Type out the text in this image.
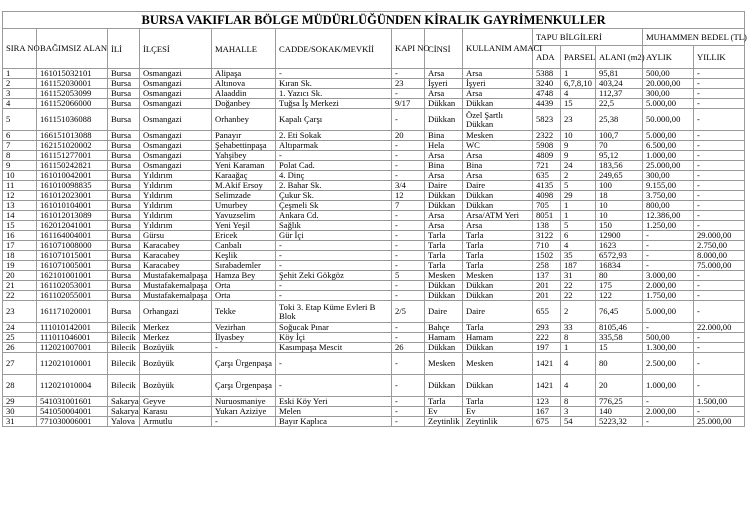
BURSA VAKIFLAR BÖLGE MÜDÜRLÜĞÜNDEN KİRALIK GAYRİMENKULLER													
SIRA NO	BAĞIMSIZ ALAN	İLİ	İLÇESİ	MAHALLE	CADDE/SOKAK/MEVKİİ	KAPI NO	CİNSİ	KULLANIM AMACI	TAPU BİLGİLERİ			MUHAMMEN BEDEL (TL)	
									ADA	PARSEL	ALANI (m2)	AYLIK	YILLIK
1	161015032101	Bursa	Osmangazi	Alipaşa	-	-	Arsa	Arsa	5388	1	95,81	500,00	-
2	161152030001	Bursa	Osmangazi	Altınova	Kıran Sk.	23	İşyeri	İşyeri	3240	6,7,8,10	403,24	20.000,00	-
3	161152053099	Bursa	Osmangazi	Alaaddin	1. Yazıcı Sk.	-	Arsa	Arsa	4748	4	112,37	300,00	-
4	161152066000	Bursa	Osmangazi	Doğanbey	Tuğsa İş Merkezi	9/17	Dükkan	Dükkan	4439	15	22,5	5.000,00	-
5	161151036088	Bursa	Osmangazi	Orhanbey	Kapalı Çarşı	-	Dükkan	Özel Şartlı Dükkan	5823	23	25,38	50.000,00	-
6	166151013088	Bursa	Osmangazi	Panayır	2. Eti Sokak	20	Bina	Mesken	2322	10	100,7	5.000,00	-
7	162151020002	Bursa	Osmangazi	Şehabettinpaşa	Altıparmak	-	Hela	WC	5908	9	70	6.500,00	-
8	161151277001	Bursa	Osmangazi	Yahşibey	-	-	Arsa	Arsa	4809	9	95,12	1.000,00	-
9	161150242821	Bursa	Osmangazi	Yeni Karaman	Polat Cad.	-	Bina	Bina	721	24	183,56	25.000,00	-
10	161010042001	Bursa	Yıldırım	Karaağaç	4. Dinç	-	Arsa	Arsa	635	2	249,65	300,00	-
11	161010098835	Bursa	Yıldırım	M.Akif Ersoy	2. Bahar Sk.	3/4	Daire	Daire	4135	5	100	9.155,00	-
12	161012023001	Bursa	Yıldırım	Selimzade	Çukur Sk.	12	Dükkan	Dükkan	4098	29	18	3.750,00	-
13	161010104001	Bursa	Yıldırım	Umurbey	Çeşmeli Sk	7	Dükkan	Dükkan	705	1	10	800,00	-
14	161012013089	Bursa	Yıldırım	Yavuzselim	Ankara Cd.	-	Arsa	Arsa/ATM Yeri	8051	1	10	12.386,00	-
15	162012041001	Bursa	Yıldırım	Yeni Yeşil	Sağlık	-	Arsa	Arsa	138	5	150	1.250,00	-
16	161164004001	Bursa	Gürsu	Ericek	Gür İçi	-	Tarla	Tarla	3122	6	12900	-	29.000,00
17	161071008000	Bursa	Karacabey	Canbalı	-	-	Tarla	Tarla	710	4	1623	-	2.750,00
18	161071015001	Bursa	Karacabey	Keşlik	-	-	Tarla	Tarla	1502	35	6572,93	-	8.000,00
19	161071005001	Bursa	Karacabey	Sırabademler	-	-	Tarla	Tarla	258	187	16834	-	75.000,00
20	162101001001	Bursa	Mustafakemalpaşa	Hamza Bey	Şehit Zeki Gökgöz	5	Mesken	Mesken	137	31	80	3.000,00	-
21	161102053001	Bursa	Mustafakemalpaşa	Orta	-	-	Dükkan	Dükkan	201	22	175	2.000,00	-
22	161102055001	Bursa	Mustafakemalpaşa	Orta	-	-	Dükkan	Dükkan	201	22	122	1.750,00	-
23	161171020001	Bursa	Orhangazi	Tekke	Toki 3. Etap Küme Evleri B Blok	2/5	Daire	Daire	655	2	76,45	5.000,00	-
24	111010142001	Bilecik	Merkez	Vezirhan	Soğucak Pınar	-	Bahçe	Tarla	293	33	8105,46	-	22.000,00
25	111011046001	Bilecik	Merkez	İlyasbey	Köy İçi	-	Hamam	Hamam	222	8	335,58	500,00	-
26	112021007001	Bilecik	Bozüyük	-	Kasımpaşa Mescit	26	Dükkan	Dükkan	197	1	15	1.300,00	-
27	112021010001	Bilecik	Bozüyük	Çarşı Ürgenpaşa	-	-	Mesken	Mesken	1421	4	80	2.500,00	-
28	112021010004	Bilecik	Bozüyük	Çarşı Ürgenpaşa	-	-	Dükkan	Dükkan	1421	4	20	1.000,00	-
29	541031001601	Sakarya	Geyve	Nuruosmaniye	Eski Köy Yeri	-	Tarla	Tarla	123	8	776,25	-	1.500,00
30	541050004001	Sakarya	Karasu	Yukarı Aziziye	Melen	-	Ev	Ev	167	3	140	2.000,00	-
31	771030006001	Yalova	Armutlu	-	Bayır Kaplıca	-	Zeytinlik	Zeytinlik	675	54	5223,32	-	25.000,00
